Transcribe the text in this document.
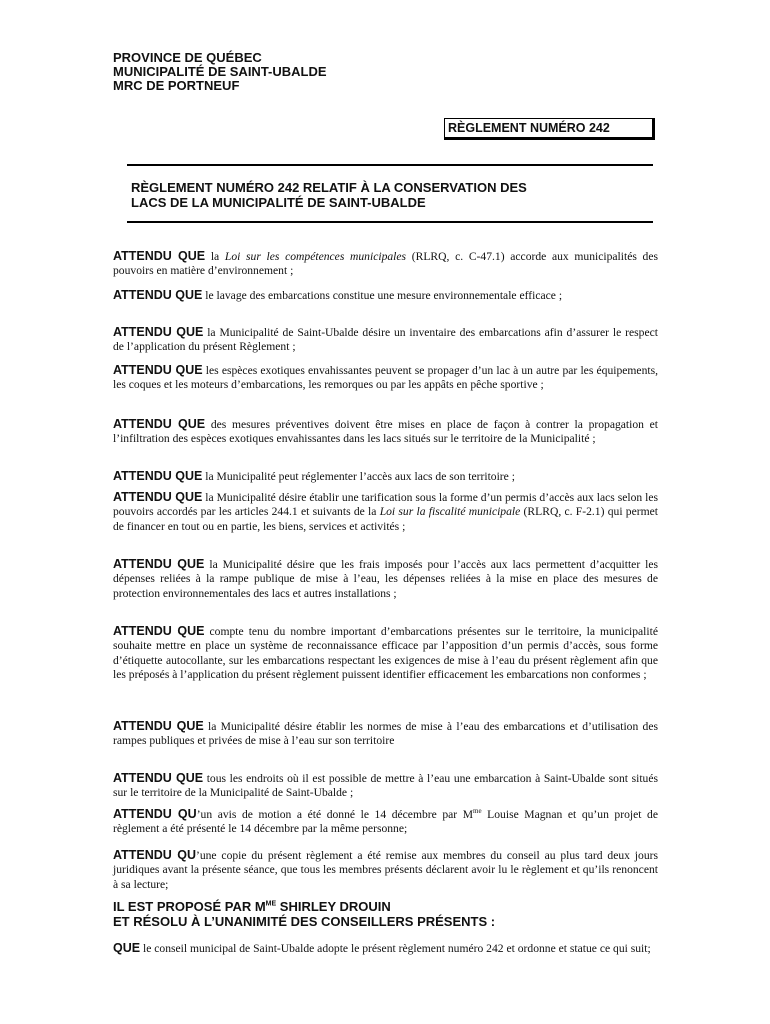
PROVINCE DE QUÉBEC
MUNICIPALITÉ DE SAINT-UBALDE
MRC DE PORTNEUF
RÈGLEMENT NUMÉRO 242
RÈGLEMENT NUMÉRO 242 RELATIF À LA CONSERVATION DES
LACS DE LA MUNICIPALITÉ DE SAINT-UBALDE
ATTENDU QUE la Loi sur les compétences municipales (RLRQ, c. C-47.1) accorde aux municipalités des pouvoirs en matière d’environnement ;
ATTENDU QUE le lavage des embarcations constitue une mesure environnementale efficace ;
ATTENDU QUE la Municipalité de Saint-Ubalde désire un inventaire des embarcations afin d’assurer le respect de l’application du présent Règlement ;
ATTENDU QUE les espèces exotiques envahissantes peuvent se propager d’un lac à un autre par les équipements, les coques et les moteurs d’embarcations, les remorques ou par les appâts en pêche sportive ;
ATTENDU QUE des mesures préventives doivent être mises en place de façon à contrer la propagation et l’infiltration des espèces exotiques envahissantes dans les lacs situés sur le territoire de la Municipalité ;
ATTENDU QUE la Municipalité peut réglementer l’accès aux lacs de son territoire ;
ATTENDU QUE la Municipalité désire établir une tarification sous la forme d’un permis d’accès aux lacs selon les pouvoirs accordés par les articles 244.1 et suivants de la Loi sur la fiscalité municipale (RLRQ, c. F-2.1) qui permet de financer en tout ou en partie, les biens, services et activités ;
ATTENDU QUE la Municipalité désire que les frais imposés pour l’accès aux lacs permettent d’acquitter les dépenses reliées à la rampe publique de mise à l’eau, les dépenses reliées à la mise en place des mesures de protection environnementales des lacs et autres installations ;
ATTENDU QUE compte tenu du nombre important d’embarcations présentes sur le territoire, la municipalité souhaite mettre en place un système de reconnaissance efficace par l’apposition d’un permis d’accès, sous forme d’étiquette autocollante, sur les embarcations respectant les exigences de mise à l’eau du présent règlement afin que les préposés à l’application du présent règlement puissent identifier efficacement les embarcations non conformes ;
ATTENDU QUE la Municipalité désire établir les normes de mise à l’eau des embarcations et d’utilisation des rampes publiques et privées de mise à l’eau sur son territoire
ATTENDU QUE tous les endroits où il est possible de mettre à l’eau une embarcation à Saint-Ubalde sont situés sur le territoire de la Municipalité de Saint-Ubalde ;
ATTENDU QU’un avis de motion a été donné le 14 décembre par $M^{me}$ Louise Magnan et qu’un projet de règlement a été présenté le 14 décembre par la même personne;
ATTENDU QU’une copie du présent règlement a été remise aux membres du conseil au plus tard deux jours juridiques avant la présente séance, que tous les membres présents déclarent avoir lu le règlement et qu’ils renoncent à sa lecture;
IL EST PROPOSÉ PAR $M^{ME}$ SHIRLEY DROUIN
ET RÉSOLU À L’UNANIMITÉ DES CONSEILLERS PRÉSENTS :
QUE le conseil municipal de Saint-Ubalde adopte le présent règlement numéro 242 et ordonne et statue ce qui suit;
